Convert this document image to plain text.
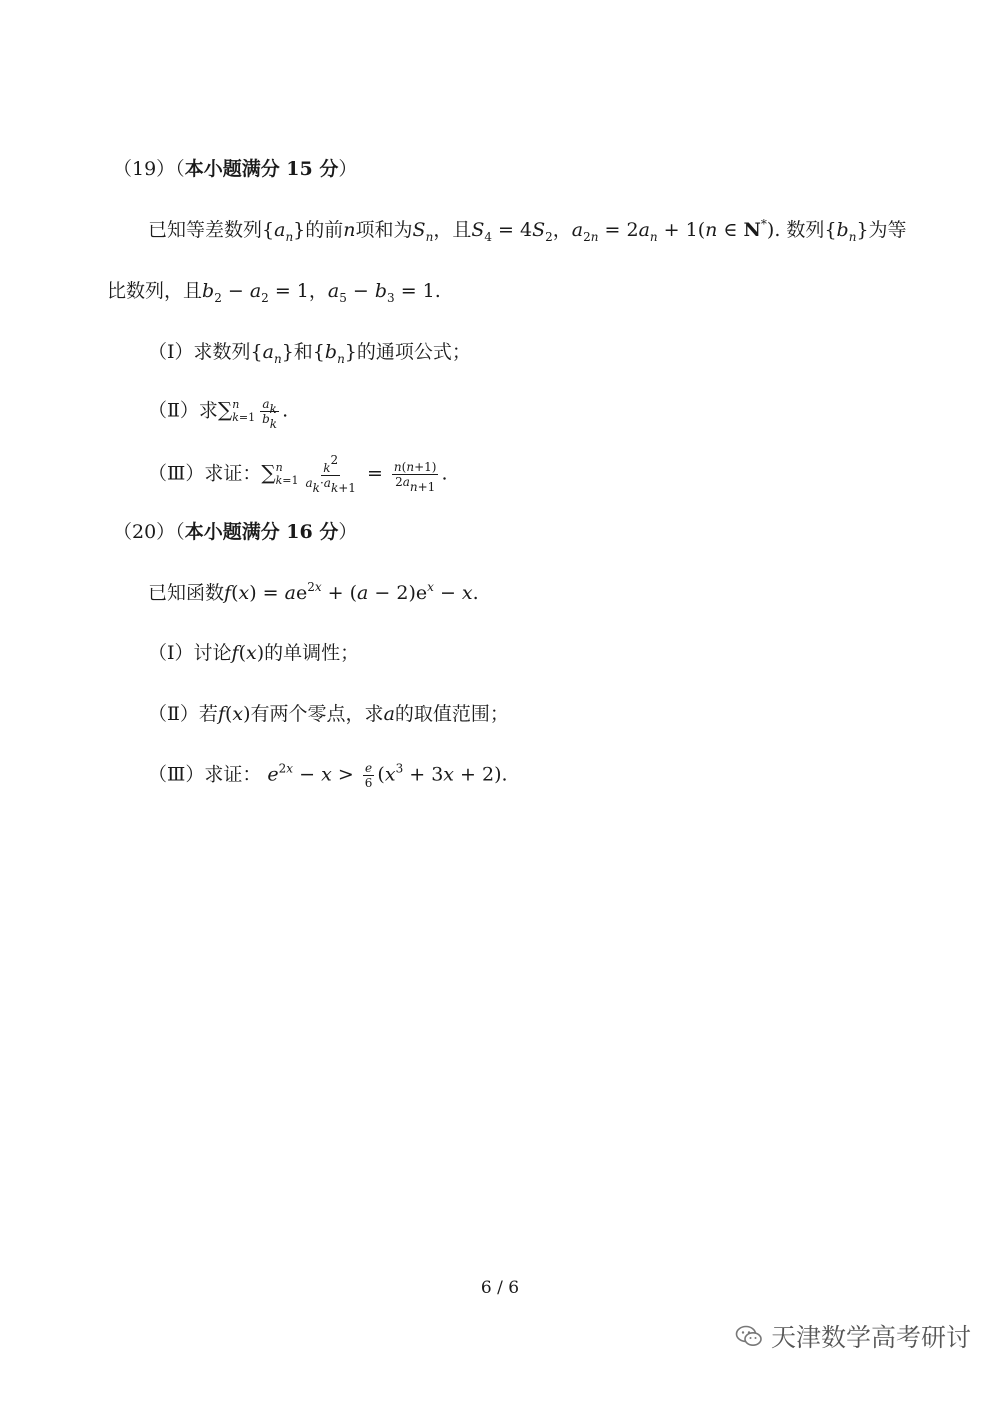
（19）（本小题满分 15 分）
已知等差数列$\{a_n\}$的前n项和为$S_n$，且$S_4 = 4S_2$，$a_{2n} = 2a_n + 1(n$ ∈ N*). 数列$\{b_n\}$为等
比数列，且$b_2 - a_2 = 1$，$a_5 - b_3 = 1$.
（Ⅰ）求数列$\{a_n\}$和$\{b_n\}$的通项公式；
（Ⅱ）求∑ n
$k=1 \frac{a_k}{b_k}$ .
（Ⅲ）求证：∑ n
$k=1 \frac{k^2}{a_k\cdot a_{k+1}} = \frac{n(n+1)}{2a_{n+1}}$ .
（20）（本小题满分 16 分）
已知函数$f(x) = ae^{2x} + (a - 2)e^x - x$.
（Ⅰ）讨论f(x)的单调性；
（Ⅱ）若f(x)有两个零点，求a的取值范围；
（Ⅲ）求证： $e^{2x} - x > \frac{e}{6} (x^3 + 3x + 2)$.
6 / 6
天津数学高考研讨
